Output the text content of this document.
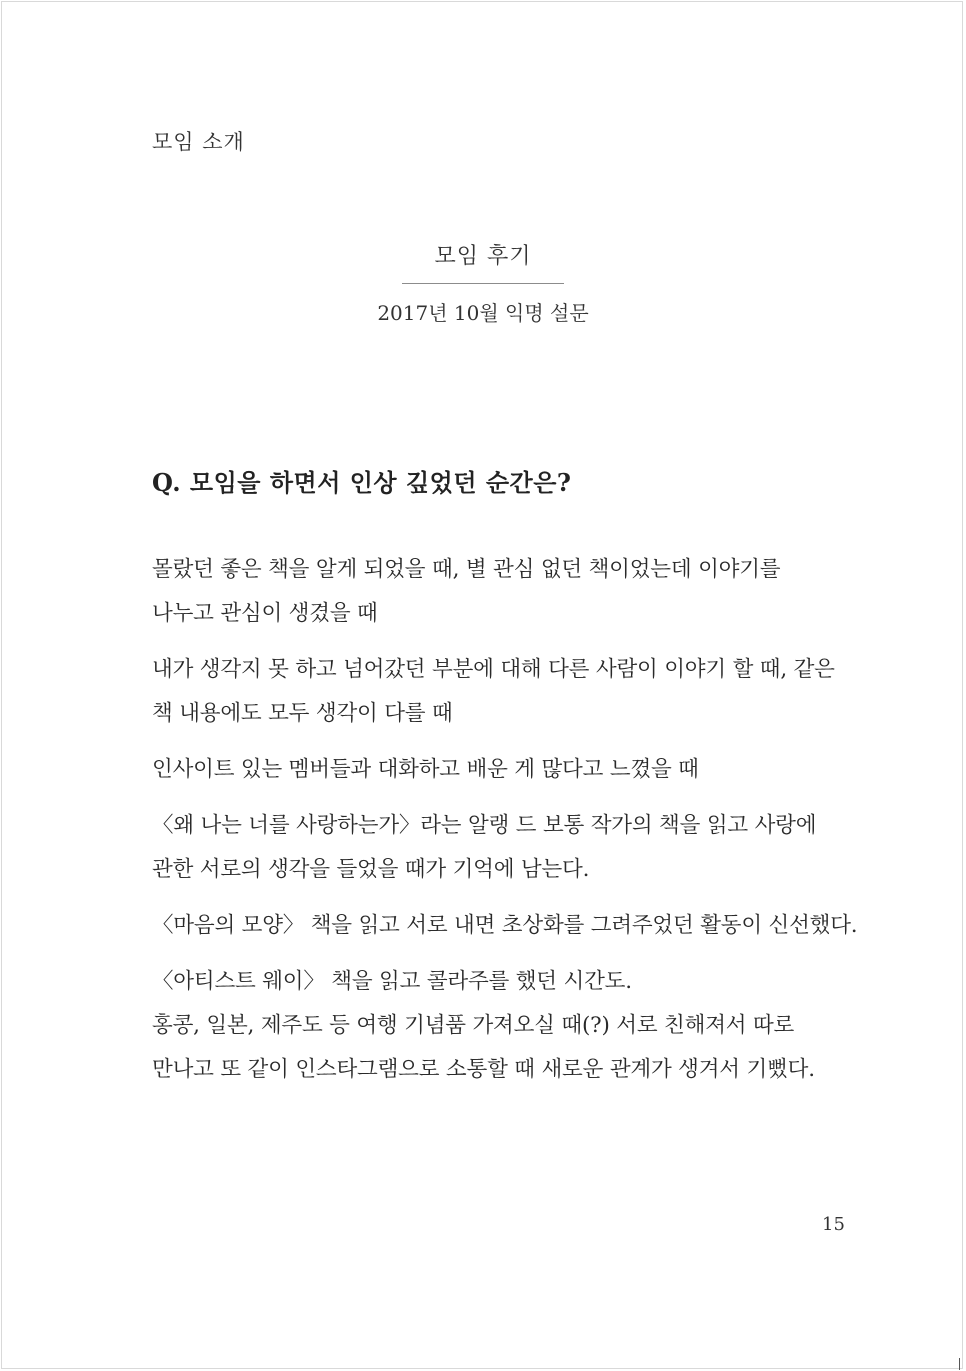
모임 소개
모임 후기
2017년 10월 익명 설문
Q. 모임을 하면서 인상 깊었던 순간은?
몰랐던 좋은 책을 알게 되었을 때, 별 관심 없던 책이었는데 이야기를
나누고 관심이 생겼을 때
내가 생각지 못 하고 넘어갔던 부분에 대해 다른 사람이 이야기 할 때, 같은
책 내용에도 모두 생각이 다를 때
인사이트 있는 멤버들과 대화하고 배운 게 많다고 느꼈을 때
〈왜 나는 너를 사랑하는가〉라는 알랭 드 보통 작가의 책을 읽고 사랑에
관한 서로의 생각을 들었을 때가 기억에 남는다.
〈마음의 모양〉 책을 읽고 서로 내면 초상화를 그려주었던 활동이 신선했다.
〈아티스트 웨이〉 책을 읽고 콜라주를 했던 시간도.
홍콩, 일본, 제주도 등 여행 기념품 가져오실 때(?) 서로 친해져서 따로
만나고 또 같이 인스타그램으로 소통할 때 새로운 관계가 생겨서 기뻤다.
15
